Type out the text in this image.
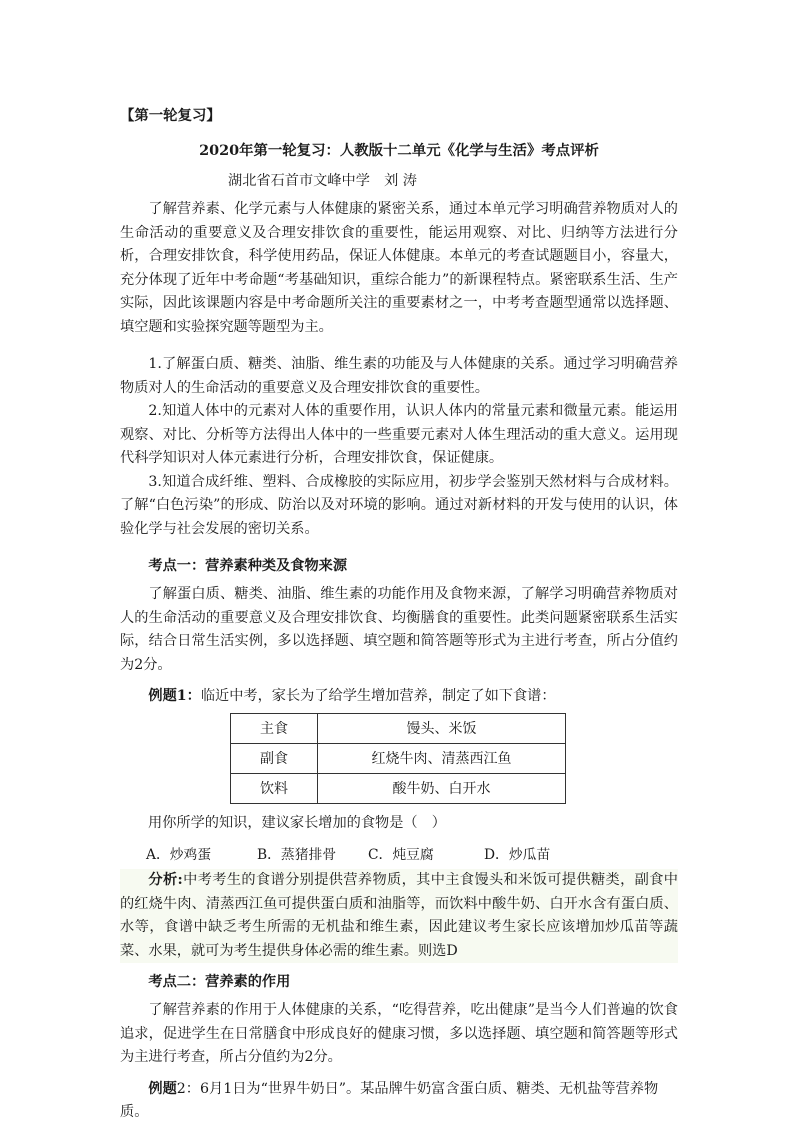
【第一轮复习】

2020年第一轮复习：人教版十二单元《化学与生活》考点评析

湖北省石首市文峰中学　刘 涛

了解营养素、化学元素与人体健康的紧密关系，通过本单元学习明确营养物质对人的生命活动的重要意义及合理安排饮食的重要性，能运用观察、对比、归纳等方法进行分析，合理安排饮食，科学使用药品，保证人体健康。本单元的考查试题题目小，容量大，充分体现了近年中考命题“考基础知识，重综合能力”的新课程特点。紧密联系生活、生产实际，因此该课题内容是中考命题所关注的重要素材之一，中考考查题型通常以选择题、填空题和实验探究题等题型为主。

1.了解蛋白质、糖类、油脂、维生素的功能及与人体健康的关系。通过学习明确营养物质对人的生命活动的重要意义及合理安排饮食的重要性。

2.知道人体中的元素对人体的重要作用，认识人体内的常量元素和微量元素。能运用观察、对比、分析等方法得出人体中的一些重要元素对人体生理活动的重大意义。运用现代科学知识对人体元素进行分析，合理安排饮食，保证健康。

3.知道合成纤维、塑料、合成橡胶的实际应用，初步学会鉴别天然材料与合成材料。了解“白色污染”的形成、防治以及对环境的影响。通过对新材料的开发与使用的认识，体验化学与社会发展的密切关系。

考点一：营养素种类及食物来源

了解蛋白质、糖类、油脂、维生素的功能作用及食物来源，了解学习明确营养物质对人的生命活动的重要意义及合理安排饮食、均衡膳食的重要性。此类问题紧密联系生活实际，结合日常生活实例，多以选择题、填空题和简答题等形式为主进行考查，所占分值约为2分。

例题1：临近中考，家长为了给学生增加营养，制定了如下食谱：

主食	馒头、米饭
副食	红烧牛肉、清蒸西江鱼
饮料	酸牛奶、白开水

用你所学的知识，建议家长增加的食物是（　）

A．炒鸡蛋	B．蒸猪排骨	C．炖豆腐	D．炒瓜苗

分析:中考考生的食谱分别提供营养物质，其中主食馒头和米饭可提供糖类，副食中的红烧牛肉、清蒸西江鱼可提供蛋白质和油脂等，而饮料中酸牛奶、白开水含有蛋白质、水等，食谱中缺乏考生所需的无机盐和维生素，因此建议考生家长应该增加炒瓜苗等蔬菜、水果，就可为考生提供身体必需的维生素。则选D

考点二：营养素的作用

了解营养素的作用于人体健康的关系，“吃得营养，吃出健康”是当今人们普遍的饮食追求，促进学生在日常膳食中形成良好的健康习惯，多以选择题、填空题和简答题等形式为主进行考查，所占分值约为2分。

例题2：6月1日为“世界牛奶日”。某品牌牛奶富含蛋白质、糖类、无机盐等营养物质。
